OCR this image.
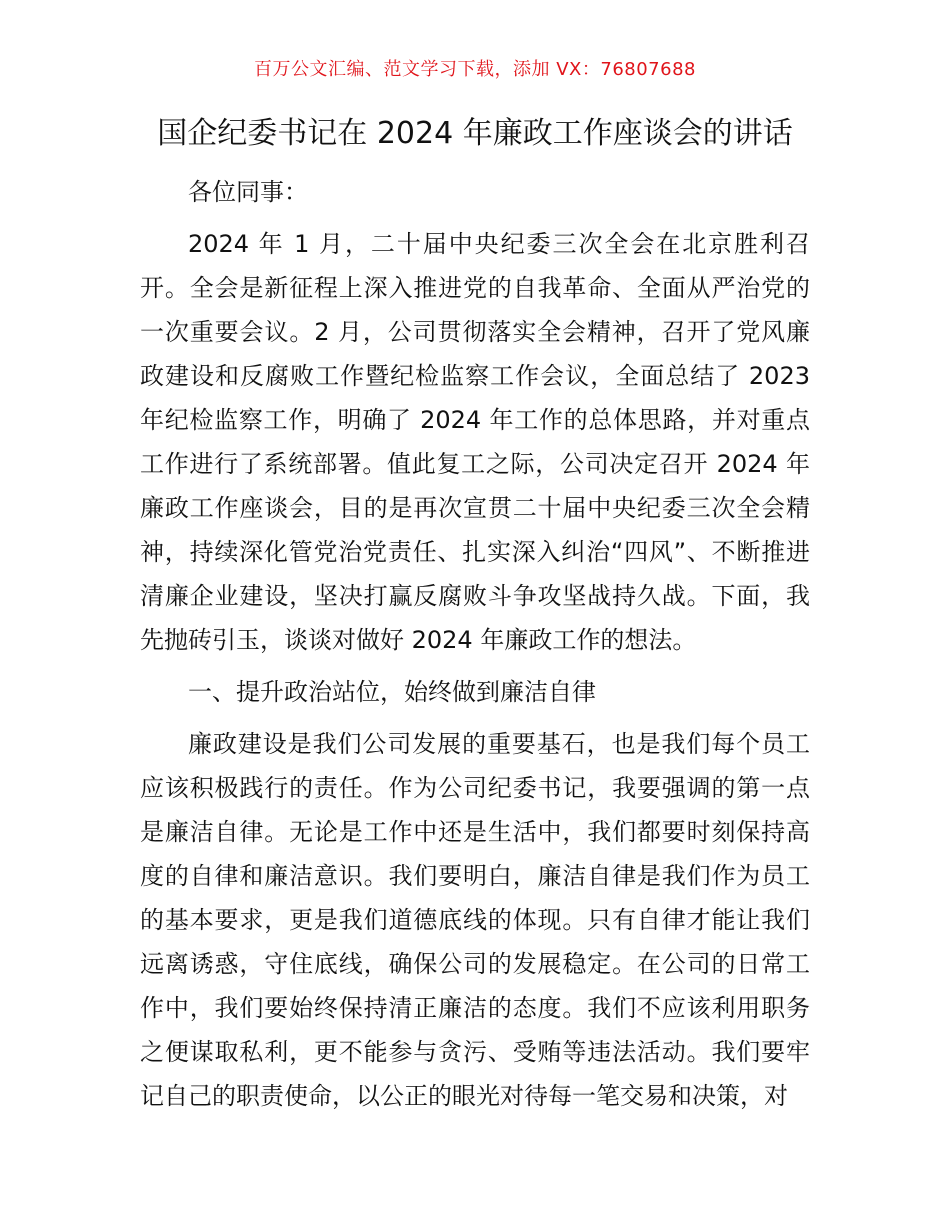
百万公文汇编、范文学习下载，添加 VX：76807688
国企纪委书记在 2024 年廉政工作座谈会的讲话

各位同事：

2024 年 1 月，二十届中央纪委三次全会在北京胜利召开。全会是新征程上深入推进党的自我革命、全面从严治党的一次重要会议。2 月，公司贯彻落实全会精神，召开了党风廉政建设和反腐败工作暨纪检监察工作会议，全面总结了 2023 年纪检监察工作，明确了 2024 年工作的总体思路，并对重点工作进行了系统部署。值此复工之际，公司决定召开 2024 年廉政工作座谈会，目的是再次宣贯二十届中央纪委三次全会精神，持续深化管党治党责任、扎实深入纠治“四风”、不断推进清廉企业建设，坚决打赢反腐败斗争攻坚战持久战。下面，我先抛砖引玉，谈谈对做好 2024 年廉政工作的想法。

一、提升政治站位，始终做到廉洁自律

廉政建设是我们公司发展的重要基石，也是我们每个员工应该积极践行的责任。作为公司纪委书记，我要强调的第一点是廉洁自律。无论是工作中还是生活中，我们都要时刻保持高度的自律和廉洁意识。我们要明白，廉洁自律是我们作为员工的基本要求，更是我们道德底线的体现。只有自律才能让我们远离诱惑，守住底线，确保公司的发展稳定。在公司的日常工作中，我们要始终保持清正廉洁的态度。我们不应该利用职务之便谋取私利，更不能参与贪污、受贿等违法活动。我们要牢记自己的职责使命，以公正的眼光对待每一笔交易和决策，对
